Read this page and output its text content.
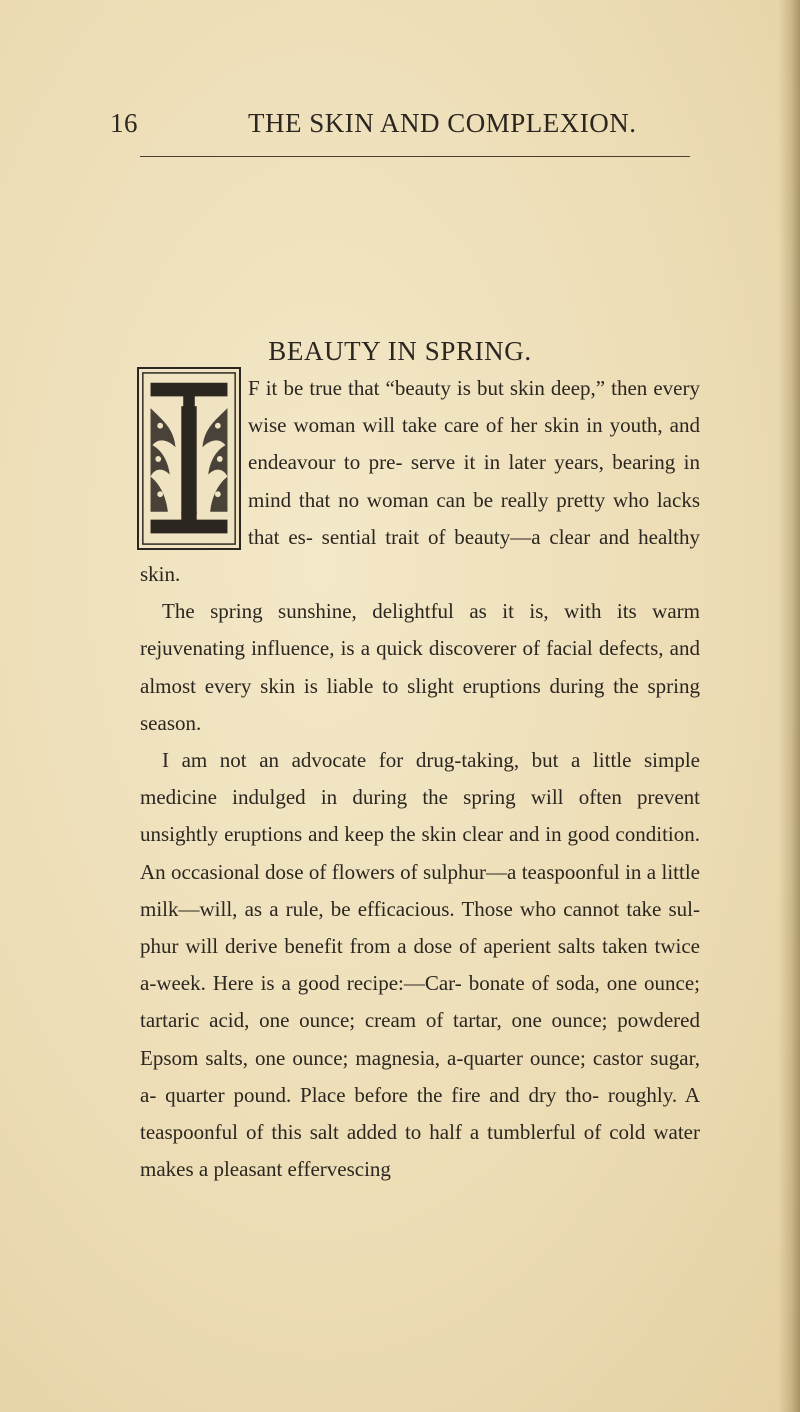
16	THE SKIN AND COMPLEXION.
BEAUTY IN SPRING.

F it be true that “beauty is but skin deep,” then every wise woman will take care of her skin in youth, and endeavour to pre- serve it in later years, bearing in mind that no woman can be really pretty who lacks that es- sential trait of beauty—a clear and healthy skin.

The spring sunshine, delightful as it is, with its warm rejuvenating influence, is a quick discoverer of facial defects, and almost every skin is liable to slight eruptions during the spring season.

I am not an advocate for drug-taking, but a little simple medicine indulged in during the spring will often prevent unsightly eruptions and keep the skin clear and in good condition. An occasional dose of flowers of sulphur—a teaspoonful in a little milk—will, as a rule, be efficacious. Those who cannot take sul- phur will derive benefit from a dose of aperient salts taken twice a-week. Here is a good recipe:—Car- bonate of soda, one ounce; tartaric acid, one ounce; cream of tartar, one ounce; powdered Epsom salts, one ounce; magnesia, a-quarter ounce; castor sugar, a- quarter pound. Place before the fire and dry tho- roughly. A teaspoonful of this salt added to half a tumblerful of cold water makes a pleasant effervescing
